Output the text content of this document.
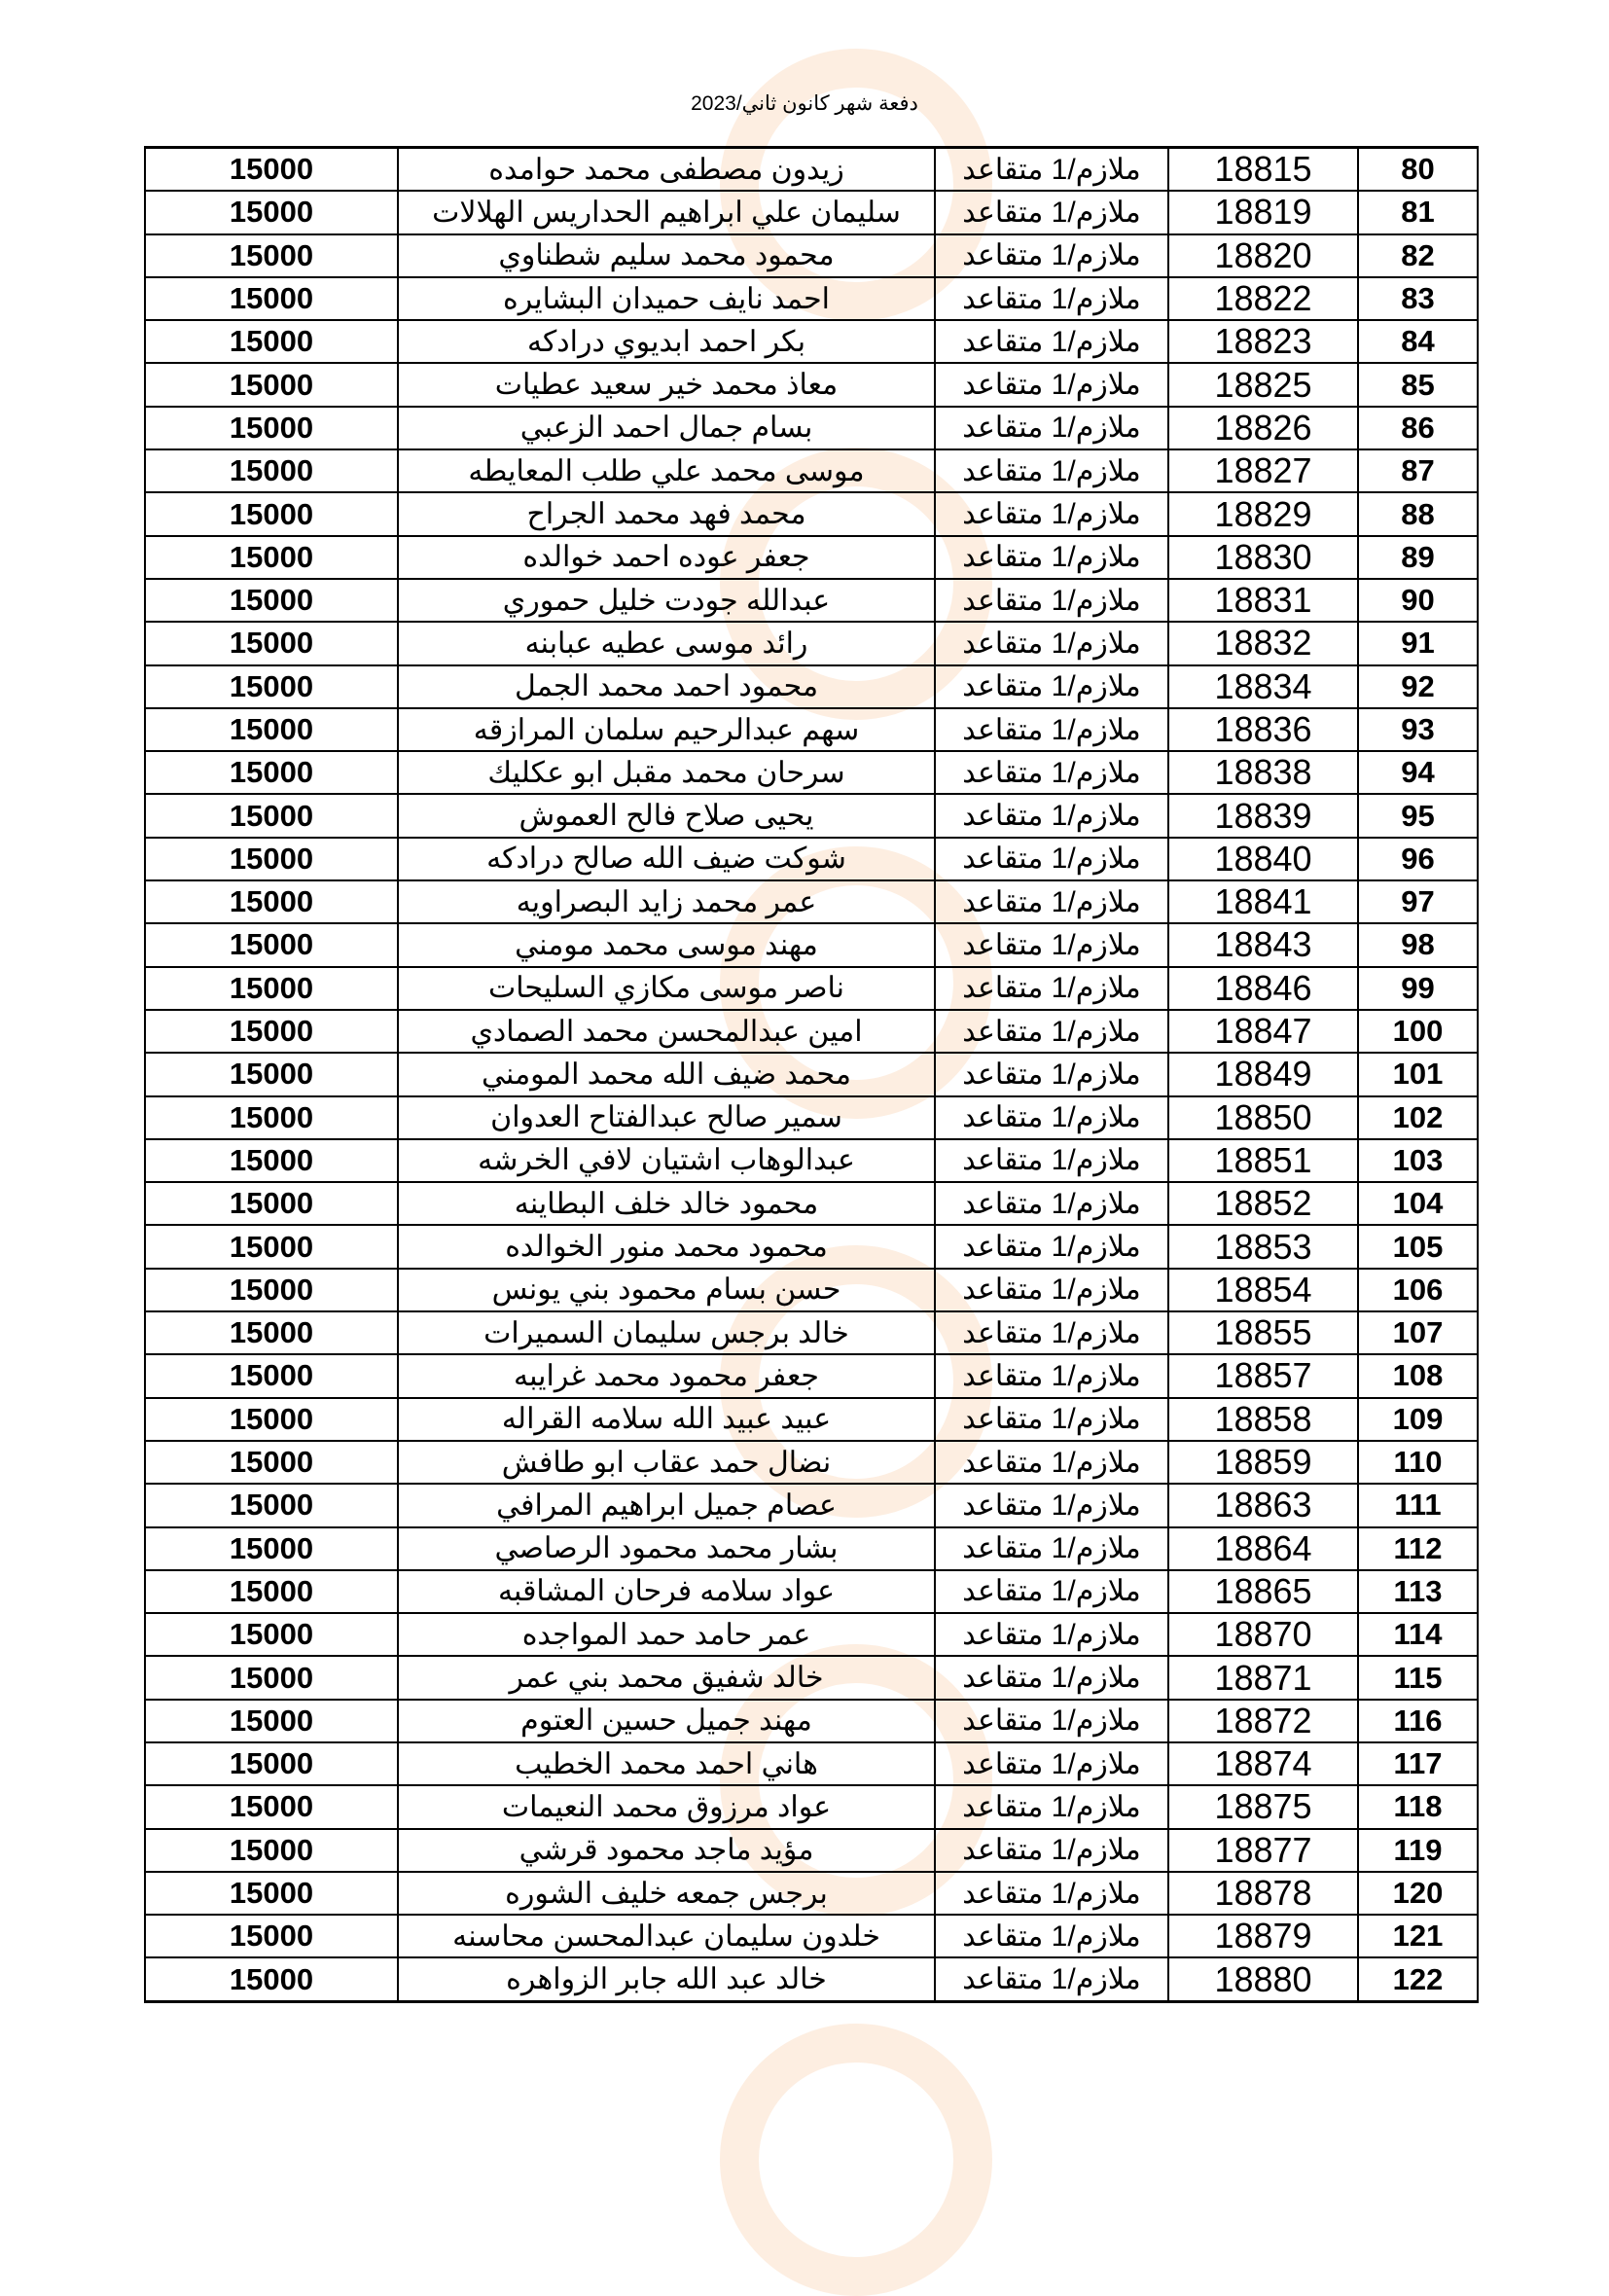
دفعة شهر كانون ثاني/2023
80	18815	ملازم/1 متقاعد	زيدون مصطفى محمد حوامده	15000
81	18819	ملازم/1 متقاعد	سليمان علي ابراهيم الحداريس الهلالات	15000
82	18820	ملازم/1 متقاعد	محمود محمد سليم شطناوي	15000
83	18822	ملازم/1 متقاعد	احمد نايف حميدان البشايره	15000
84	18823	ملازم/1 متقاعد	بكر احمد ابديوي درادكه	15000
85	18825	ملازم/1 متقاعد	معاذ محمد خير سعيد عطيات	15000
86	18826	ملازم/1 متقاعد	بسام جمال احمد الزعبي	15000
87	18827	ملازم/1 متقاعد	موسى محمد علي طلب المعايطه	15000
88	18829	ملازم/1 متقاعد	محمد فهد محمد الجراح	15000
89	18830	ملازم/1 متقاعد	جعفر عوده احمد خوالده	15000
90	18831	ملازم/1 متقاعد	عبدالله جودت خليل حموري	15000
91	18832	ملازم/1 متقاعد	رائد موسى عطيه عبابنه	15000
92	18834	ملازم/1 متقاعد	محمود احمد محمد الجمل	15000
93	18836	ملازم/1 متقاعد	سهم عبدالرحيم سلمان المرازقه	15000
94	18838	ملازم/1 متقاعد	سرحان محمد مقبل ابو عكليك	15000
95	18839	ملازم/1 متقاعد	يحيى صلاح فالح العموش	15000
96	18840	ملازم/1 متقاعد	شوكت ضيف الله صالح درادكه	15000
97	18841	ملازم/1 متقاعد	عمر محمد زايد البصراويه	15000
98	18843	ملازم/1 متقاعد	مهند موسى محمد مومني	15000
99	18846	ملازم/1 متقاعد	ناصر موسى مكازي السليحات	15000
100	18847	ملازم/1 متقاعد	امين عبدالمحسن محمد الصمادي	15000
101	18849	ملازم/1 متقاعد	محمد ضيف الله محمد المومني	15000
102	18850	ملازم/1 متقاعد	سمير صالح عبدالفتاح العدوان	15000
103	18851	ملازم/1 متقاعد	عبدالوهاب اشتيان لافي الخرشه	15000
104	18852	ملازم/1 متقاعد	محمود خالد خلف البطاينه	15000
105	18853	ملازم/1 متقاعد	محمود محمد منور الخوالده	15000
106	18854	ملازم/1 متقاعد	حسن بسام محمود بني يونس	15000
107	18855	ملازم/1 متقاعد	خالد برجس سليمان السميرات	15000
108	18857	ملازم/1 متقاعد	جعفر محمود محمد غرايبه	15000
109	18858	ملازم/1 متقاعد	عبيد عبيد الله سلامه القراله	15000
110	18859	ملازم/1 متقاعد	نضال حمد عقاب ابو طافش	15000
111	18863	ملازم/1 متقاعد	عصام جميل ابراهيم المرافي	15000
112	18864	ملازم/1 متقاعد	بشار محمد محمود الرصاصي	15000
113	18865	ملازم/1 متقاعد	عواد سلامه فرحان المشاقبه	15000
114	18870	ملازم/1 متقاعد	عمر حامد حمد المواجده	15000
115	18871	ملازم/1 متقاعد	خالد شفيق محمد بني عمر	15000
116	18872	ملازم/1 متقاعد	مهند جميل حسين العتوم	15000
117	18874	ملازم/1 متقاعد	هاني احمد محمد الخطيب	15000
118	18875	ملازم/1 متقاعد	عواد مرزوق محمد النعيمات	15000
119	18877	ملازم/1 متقاعد	مؤيد ماجد محمود قرشي	15000
120	18878	ملازم/1 متقاعد	برجس جمعه خليف الشوره	15000
121	18879	ملازم/1 متقاعد	خلدون سليمان عبدالمحسن محاسنه	15000
122	18880	ملازم/1 متقاعد	خالد عبد الله جابر الزواهره	15000
